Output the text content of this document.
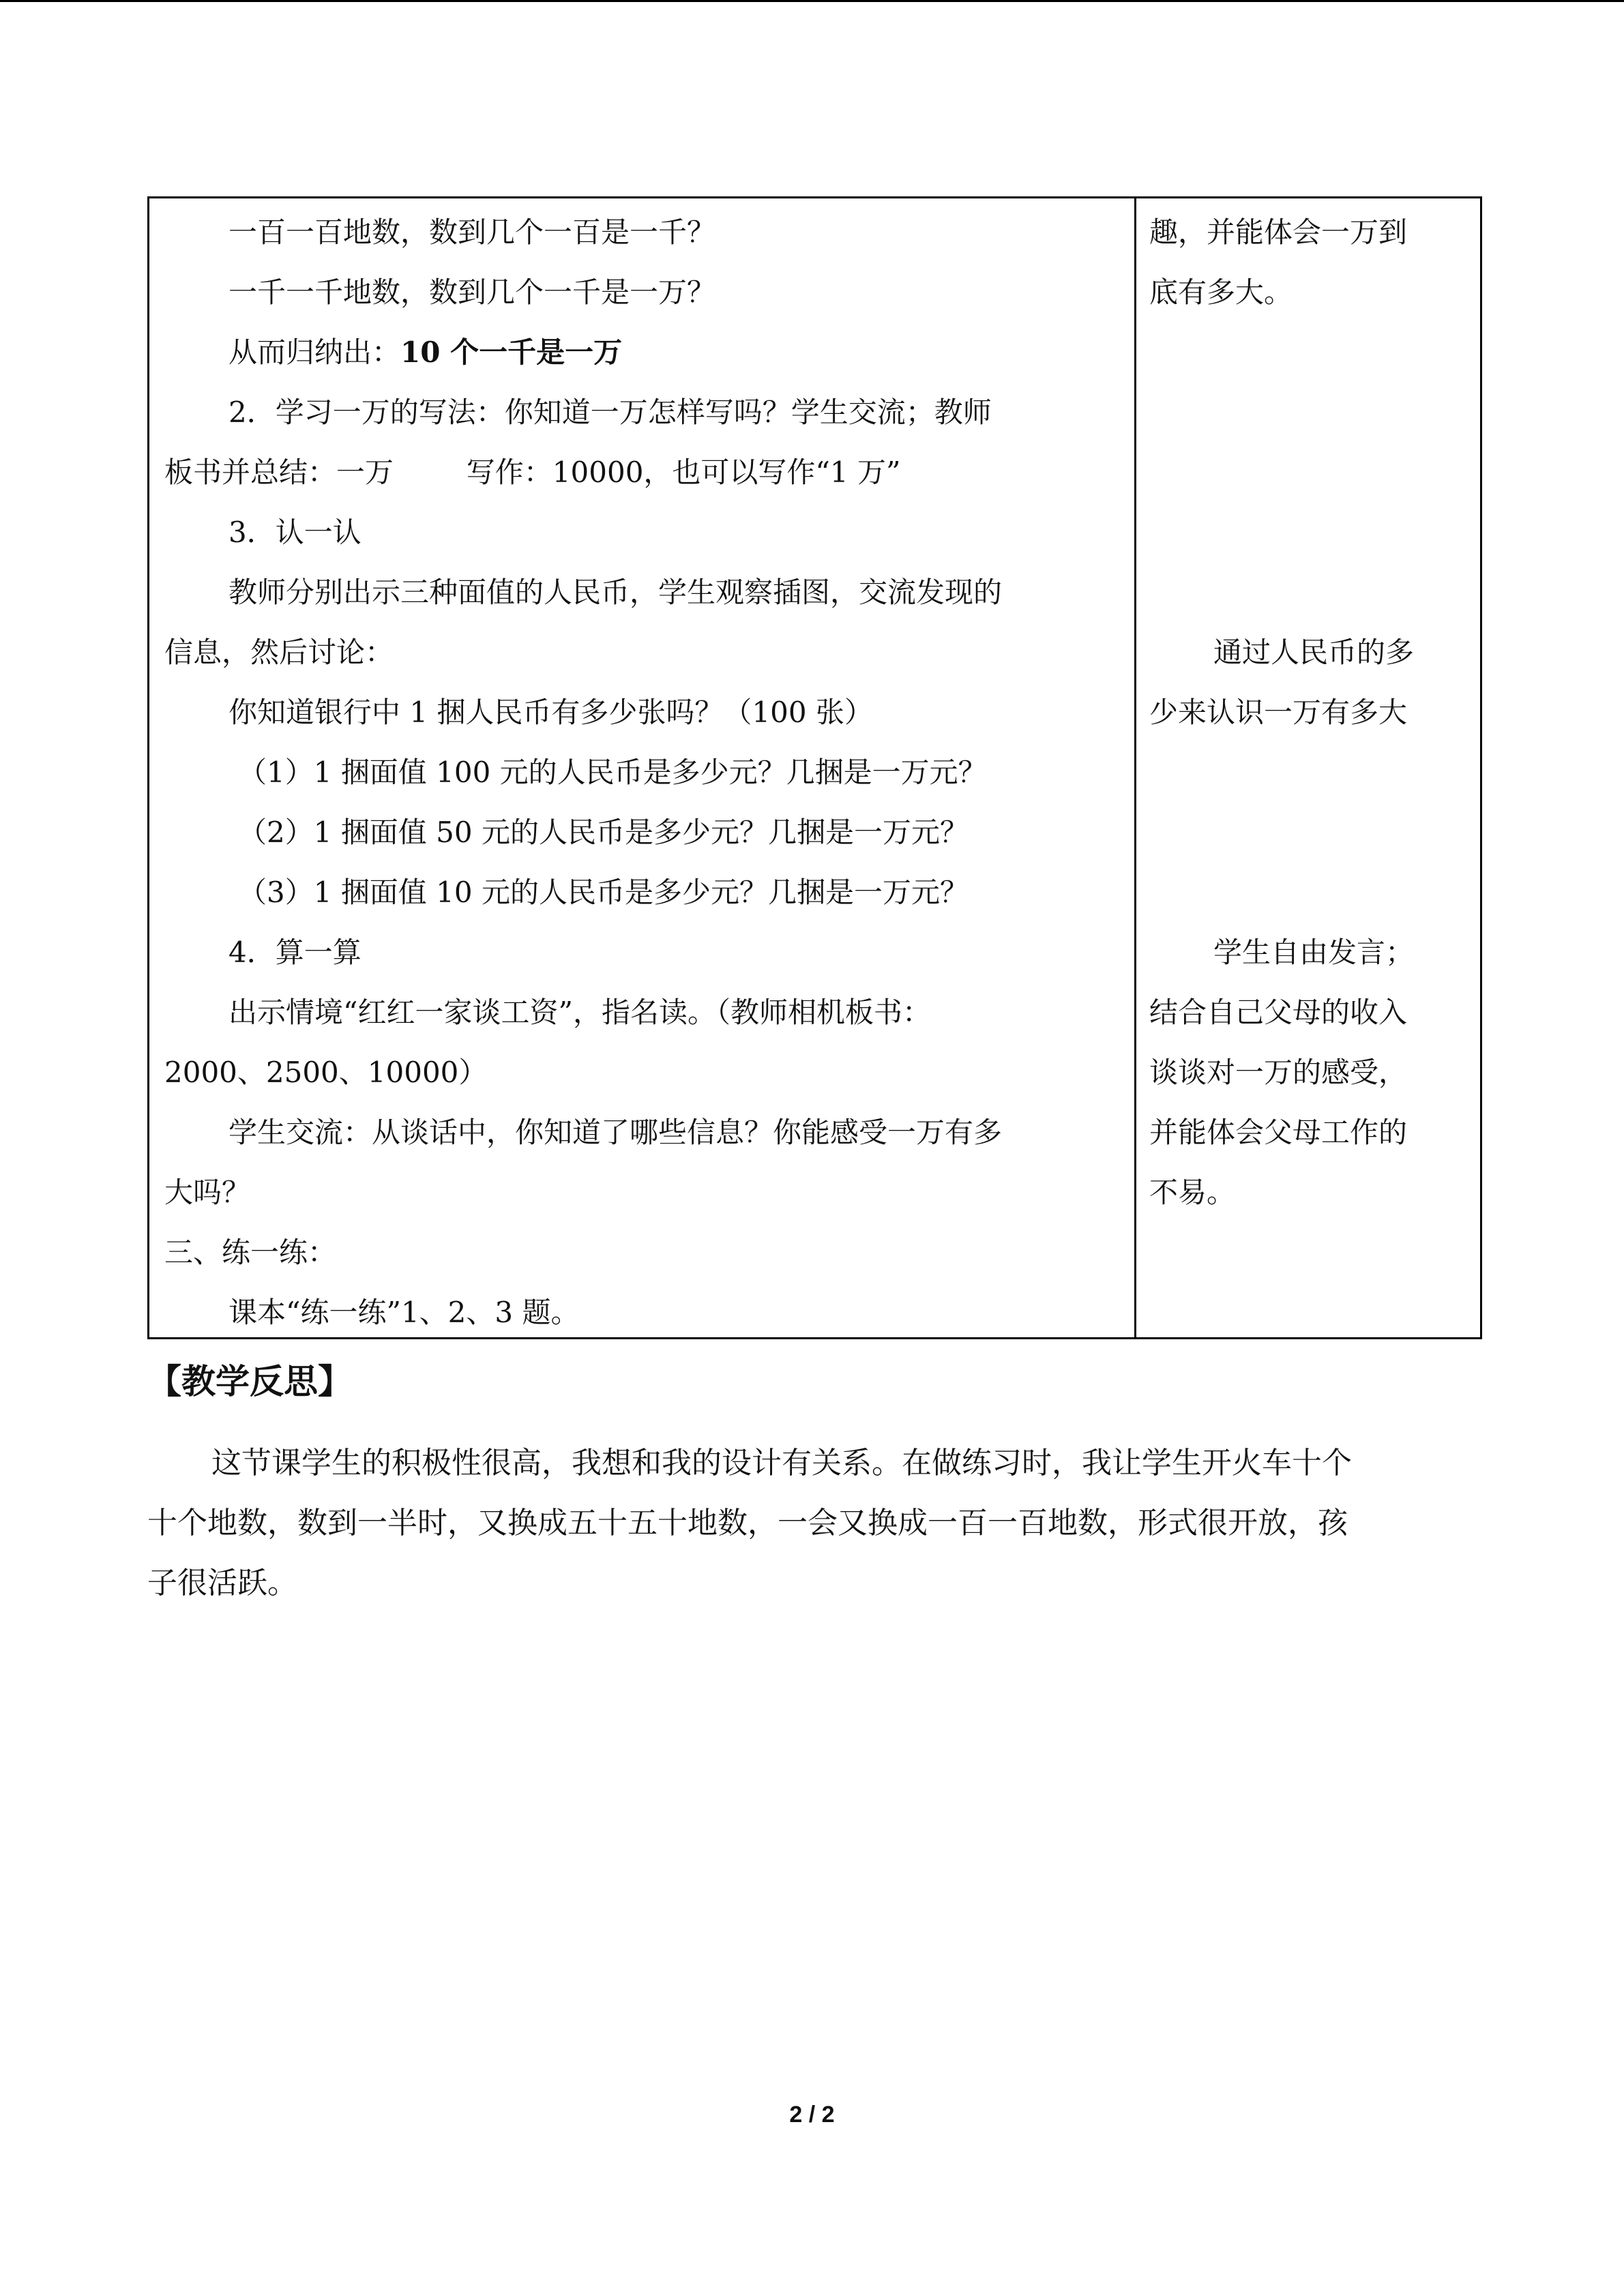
一百一百地数，数到几个一百是一千？
一千一千地数，数到几个一千是一万？
从而归纳出：10 个一千是一万
2．学习一万的写法：你知道一万怎样写吗？学生交流；教师
板书并总结：一万        写作：10000，也可以写作“1 万”
3．认一认
教师分别出示三种面值的人民币，学生观察插图，交流发现的
信息，然后讨论：
你知道银行中 1 捆人民币有多少张吗？（100 张）
（1）1 捆面值 100 元的人民币是多少元？几捆是一万元？
（2）1 捆面值 50 元的人民币是多少元？几捆是一万元？
（3）1 捆面值 10 元的人民币是多少元？几捆是一万元？
4．算一算
出示情境“红红一家谈工资”，指名读。（教师相机板书：
2000、2500、10000）
学生交流：从谈话中，你知道了哪些信息？你能感受一万有多
大吗？
三、练一练：
课本“练一练”1、2、3 题。
趣，并能体会一万到
底有多大。
通过人民币的多
少来认识一万有多大
学生自由发言；
结合自己父母的收入
谈谈对一万的感受，
并能体会父母工作的
不易。
【教学反思】
这节课学生的积极性很高，我想和我的设计有关系。在做练习时，我让学生开火车十个
十个地数，数到一半时，又换成五十五十地数，一会又换成一百一百地数，形式很开放，孩
子很活跃。
2 / 2
